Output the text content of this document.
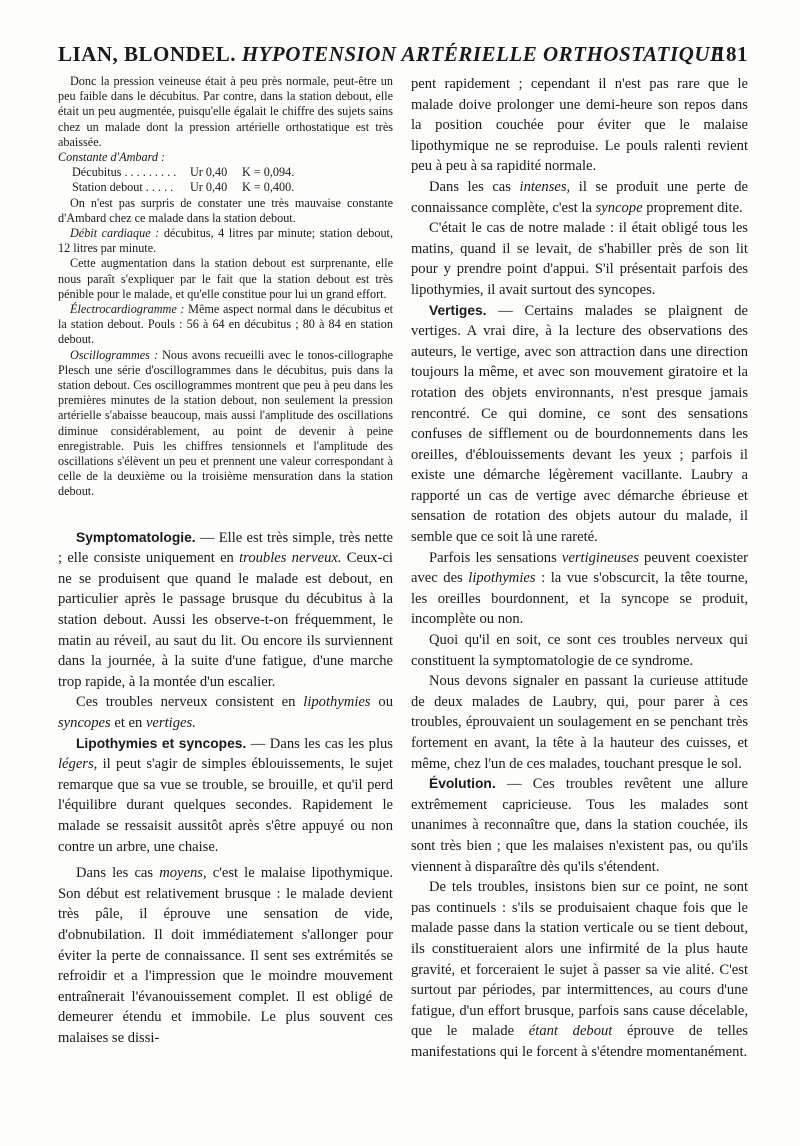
LIAN, BLONDEL. HYPOTENSION ARTÉRIELLE ORTHOSTATIQUE
181

Donc la pression veineuse était à peu près normale, peut-être un peu faible dans le décubitus. Par contre, dans la station debout, elle était un peu augmentée, puisqu'elle égalait le chiffre des sujets sains chez un malade dont la pression artérielle orthostatique est très abaissée.

Constante d'Ambard :

Décubitus . . . . . . . . .	Ur 0,40	K = 0,094.
Station debout . . . . .	Ur 0,40	K = 0,400.

On n'est pas surpris de constater une très mauvaise constante d'Ambard chez ce malade dans la station debout.

Débit cardiaque : décubitus, 4 litres par minute; station debout, 12 litres par minute.

Cette augmentation dans la station debout est surprenante, elle nous paraît s'expliquer par le fait que la station debout est très pénible pour le malade, et qu'elle constitue pour lui un grand effort.

Électrocardiogramme : Même aspect normal dans le décubitus et la station debout. Pouls : 56 à 64 en décubitus ; 80 à 84 en station debout.

Oscillogrammes : Nous avons recueilli avec le tonos-cillographe Plesch une série d'oscillogrammes dans le décubitus, puis dans la station debout. Ces oscillogrammes montrent que peu à peu dans les premières minutes de la station debout, non seulement la pression artérielle s'abaisse beaucoup, mais aussi l'amplitude des oscillations diminue considérablement, au point de devenir à peine enregistrable. Puis les chiffres tensionnels et l'amplitude des oscillations s'élèvent un peu et prennent une valeur correspondant à celle de la deuxième ou la troisième mensuration dans la station debout.

Symptomatologie. — Elle est très simple, très nette ; elle consiste uniquement en troubles nerveux. Ceux-ci ne se produisent que quand le malade est debout, en particulier après le passage brusque du décubitus à la station debout. Aussi les observe-t-on fréquemment, le matin au réveil, au saut du lit. Ou encore ils surviennent dans la journée, à la suite d'une fatigue, d'une marche trop rapide, à la montée d'un escalier.

Ces troubles nerveux consistent en lipothymies ou syncopes et en vertiges.

Lipothymies et syncopes. — Dans les cas les plus légers, il peut s'agir de simples éblouissements, le sujet remarque que sa vue se trouble, se brouille, et qu'il perd l'équilibre durant quelques secondes. Rapidement le malade se ressaisit aussitôt après s'être appuyé ou non contre un arbre, une chaise.

Dans les cas moyens, c'est le malaise lipothymique. Son début est relativement brusque : le malade devient très pâle, il éprouve une sensation de vide, d'obnubilation. Il doit immédiatement s'allonger pour éviter la perte de connaissance. Il sent ses extrémités se refroidir et a l'impression que le moindre mouvement entraînerait l'évanouissement complet. Il est obligé de demeurer étendu et immobile. Le plus souvent ces malaises se dissi-

pent rapidement ; cependant il n'est pas rare que le malade doive prolonger une demi-heure son repos dans la position couchée pour éviter que le malaise lipothymique ne se reproduise. Le pouls ralenti revient peu à peu à sa rapidité normale.

Dans les cas intenses, il se produit une perte de connaissance complète, c'est la syncope proprement dite.

C'était le cas de notre malade : il était obligé tous les matins, quand il se levait, de s'habiller près de son lit pour y prendre point d'appui. S'il présentait parfois des lipothymies, il avait surtout des syncopes.

Vertiges. — Certains malades se plaignent de vertiges. A vrai dire, à la lecture des observations des auteurs, le vertige, avec son attraction dans une direction toujours la même, et avec son mouvement giratoire et la rotation des objets environnants, n'est presque jamais rencontré. Ce qui domine, ce sont des sensations confuses de sifflement ou de bourdonnements dans les oreilles, d'éblouissements devant les yeux ; parfois il existe une démarche légèrement vacillante. Laubry a rapporté un cas de vertige avec démarche ébrieuse et sensation de rotation des objets autour du malade, il semble que ce soit là une rareté.

Parfois les sensations vertigineuses peuvent coexister avec des lipothymies : la vue s'obscurcit, la tête tourne, les oreilles bourdonnent, et la syncope se produit, incomplète ou non.

Quoi qu'il en soit, ce sont ces troubles nerveux qui constituent la symptomatologie de ce syndrome.

Nous devons signaler en passant la curieuse attitude de deux malades de Laubry, qui, pour parer à ces troubles, éprouvaient un soulagement en se penchant très fortement en avant, la tête à la hauteur des cuisses, et même, chez l'un de ces malades, touchant presque le sol.

Évolution. — Ces troubles revêtent une allure extrêmement capricieuse. Tous les malades sont unanimes à reconnaître que, dans la station couchée, ils sont très bien ; que les malaises n'existent pas, ou qu'ils viennent à disparaître dès qu'ils s'étendent.

De tels troubles, insistons bien sur ce point, ne sont pas continuels : s'ils se produisaient chaque fois que le malade passe dans la station verticale ou se tient debout, ils constitueraient alors une infirmité de la plus haute gravité, et forceraient le sujet à passer sa vie alité. C'est surtout par périodes, par intermittences, au cours d'une fatigue, d'un effort brusque, parfois sans cause décelable, que le malade étant debout éprouve de telles manifestations qui le forcent à s'étendre momentanément.
